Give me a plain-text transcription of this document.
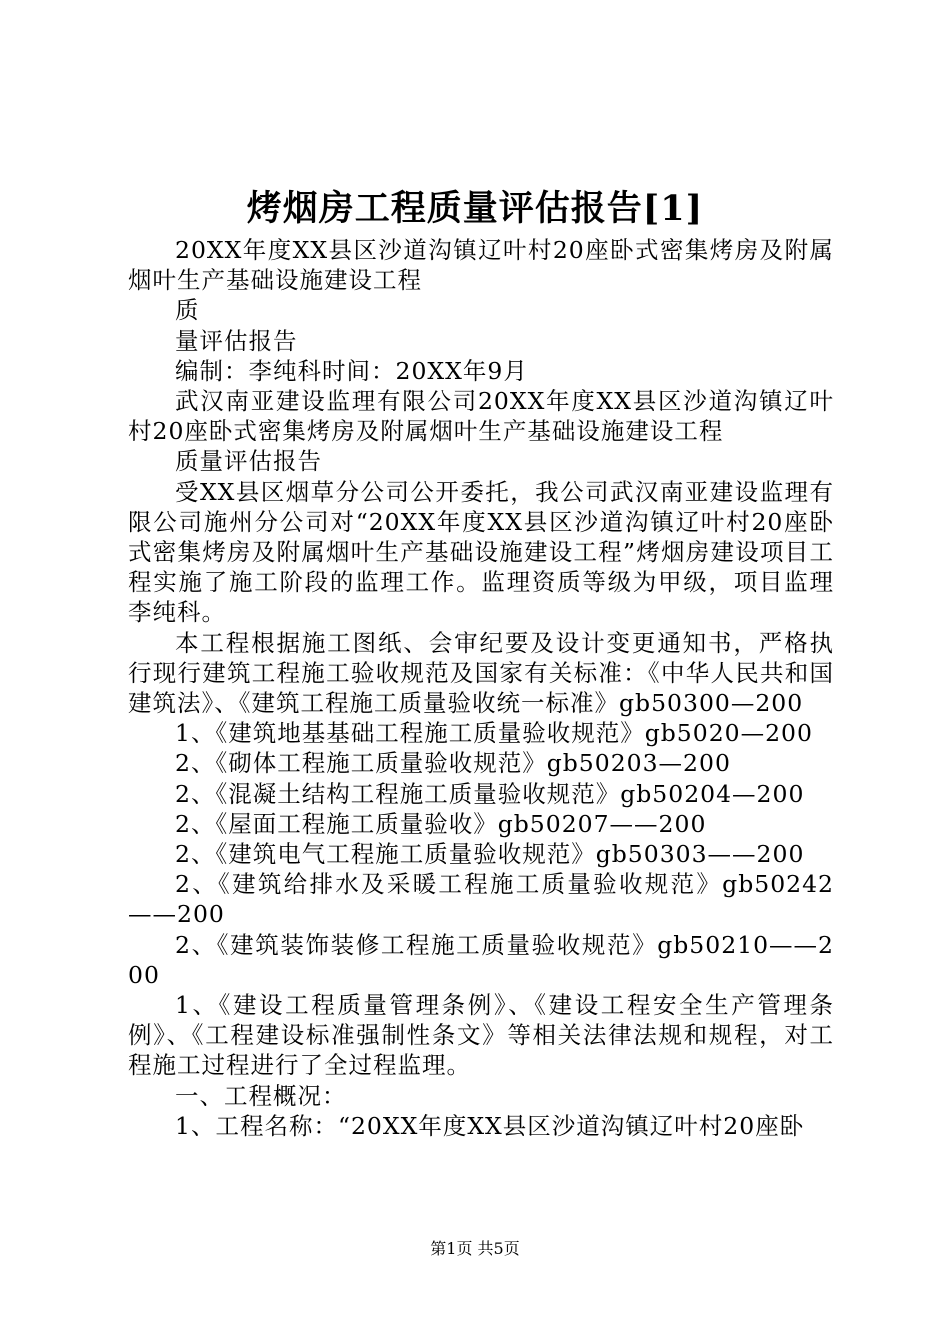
烤烟房工程质量评估报告[1]

20XX年度XX县区沙道沟镇辽叶村20座卧式密集烤房及附属烟叶生产基础设施建设工程

质

量评估报告

编制：李纯科时间：20XX年9月

武汉南亚建设监理有限公司20XX年度XX县区沙道沟镇辽叶村20座卧式密集烤房及附属烟叶生产基础设施建设工程

质量评估报告

受XX县区烟草分公司公开委托，我公司武汉南亚建设监理有限公司施州分公司对“20XX年度XX县区沙道沟镇辽叶村20座卧式密集烤房及附属烟叶生产基础设施建设工程”烤烟房建设项目工程实施了施工阶段的监理工作。监理资质等级为甲级，项目监理李纯科。

本工程根据施工图纸、会审纪要及设计变更通知书，严格执行现行建筑工程施工验收规范及国家有关标准：《中华人民共和国建筑法》、《建筑工程施工质量验收统一标准》gb50300—200

1、《建筑地基基础工程施工质量验收规范》gb5020—200

2、《砌体工程施工质量验收规范》gb50203—200

2、《混凝土结构工程施工质量验收规范》gb50204—200

2、《屋面工程施工质量验收》gb50207——200

2、《建筑电气工程施工质量验收规范》gb50303——200

2、《建筑给排水及采暖工程施工质量验收规范》gb50242——200

2、《建筑装饰装修工程施工质量验收规范》gb50210——200

1、《建设工程质量管理条例》、《建设工程安全生产管理条例》、《工程建设标准强制性条文》等相关法律法规和规程，对工程施工过程进行了全过程监理。

一、工程概况：

1、工程名称：“20XX年度XX县区沙道沟镇辽叶村20座卧

第1页 共5页
